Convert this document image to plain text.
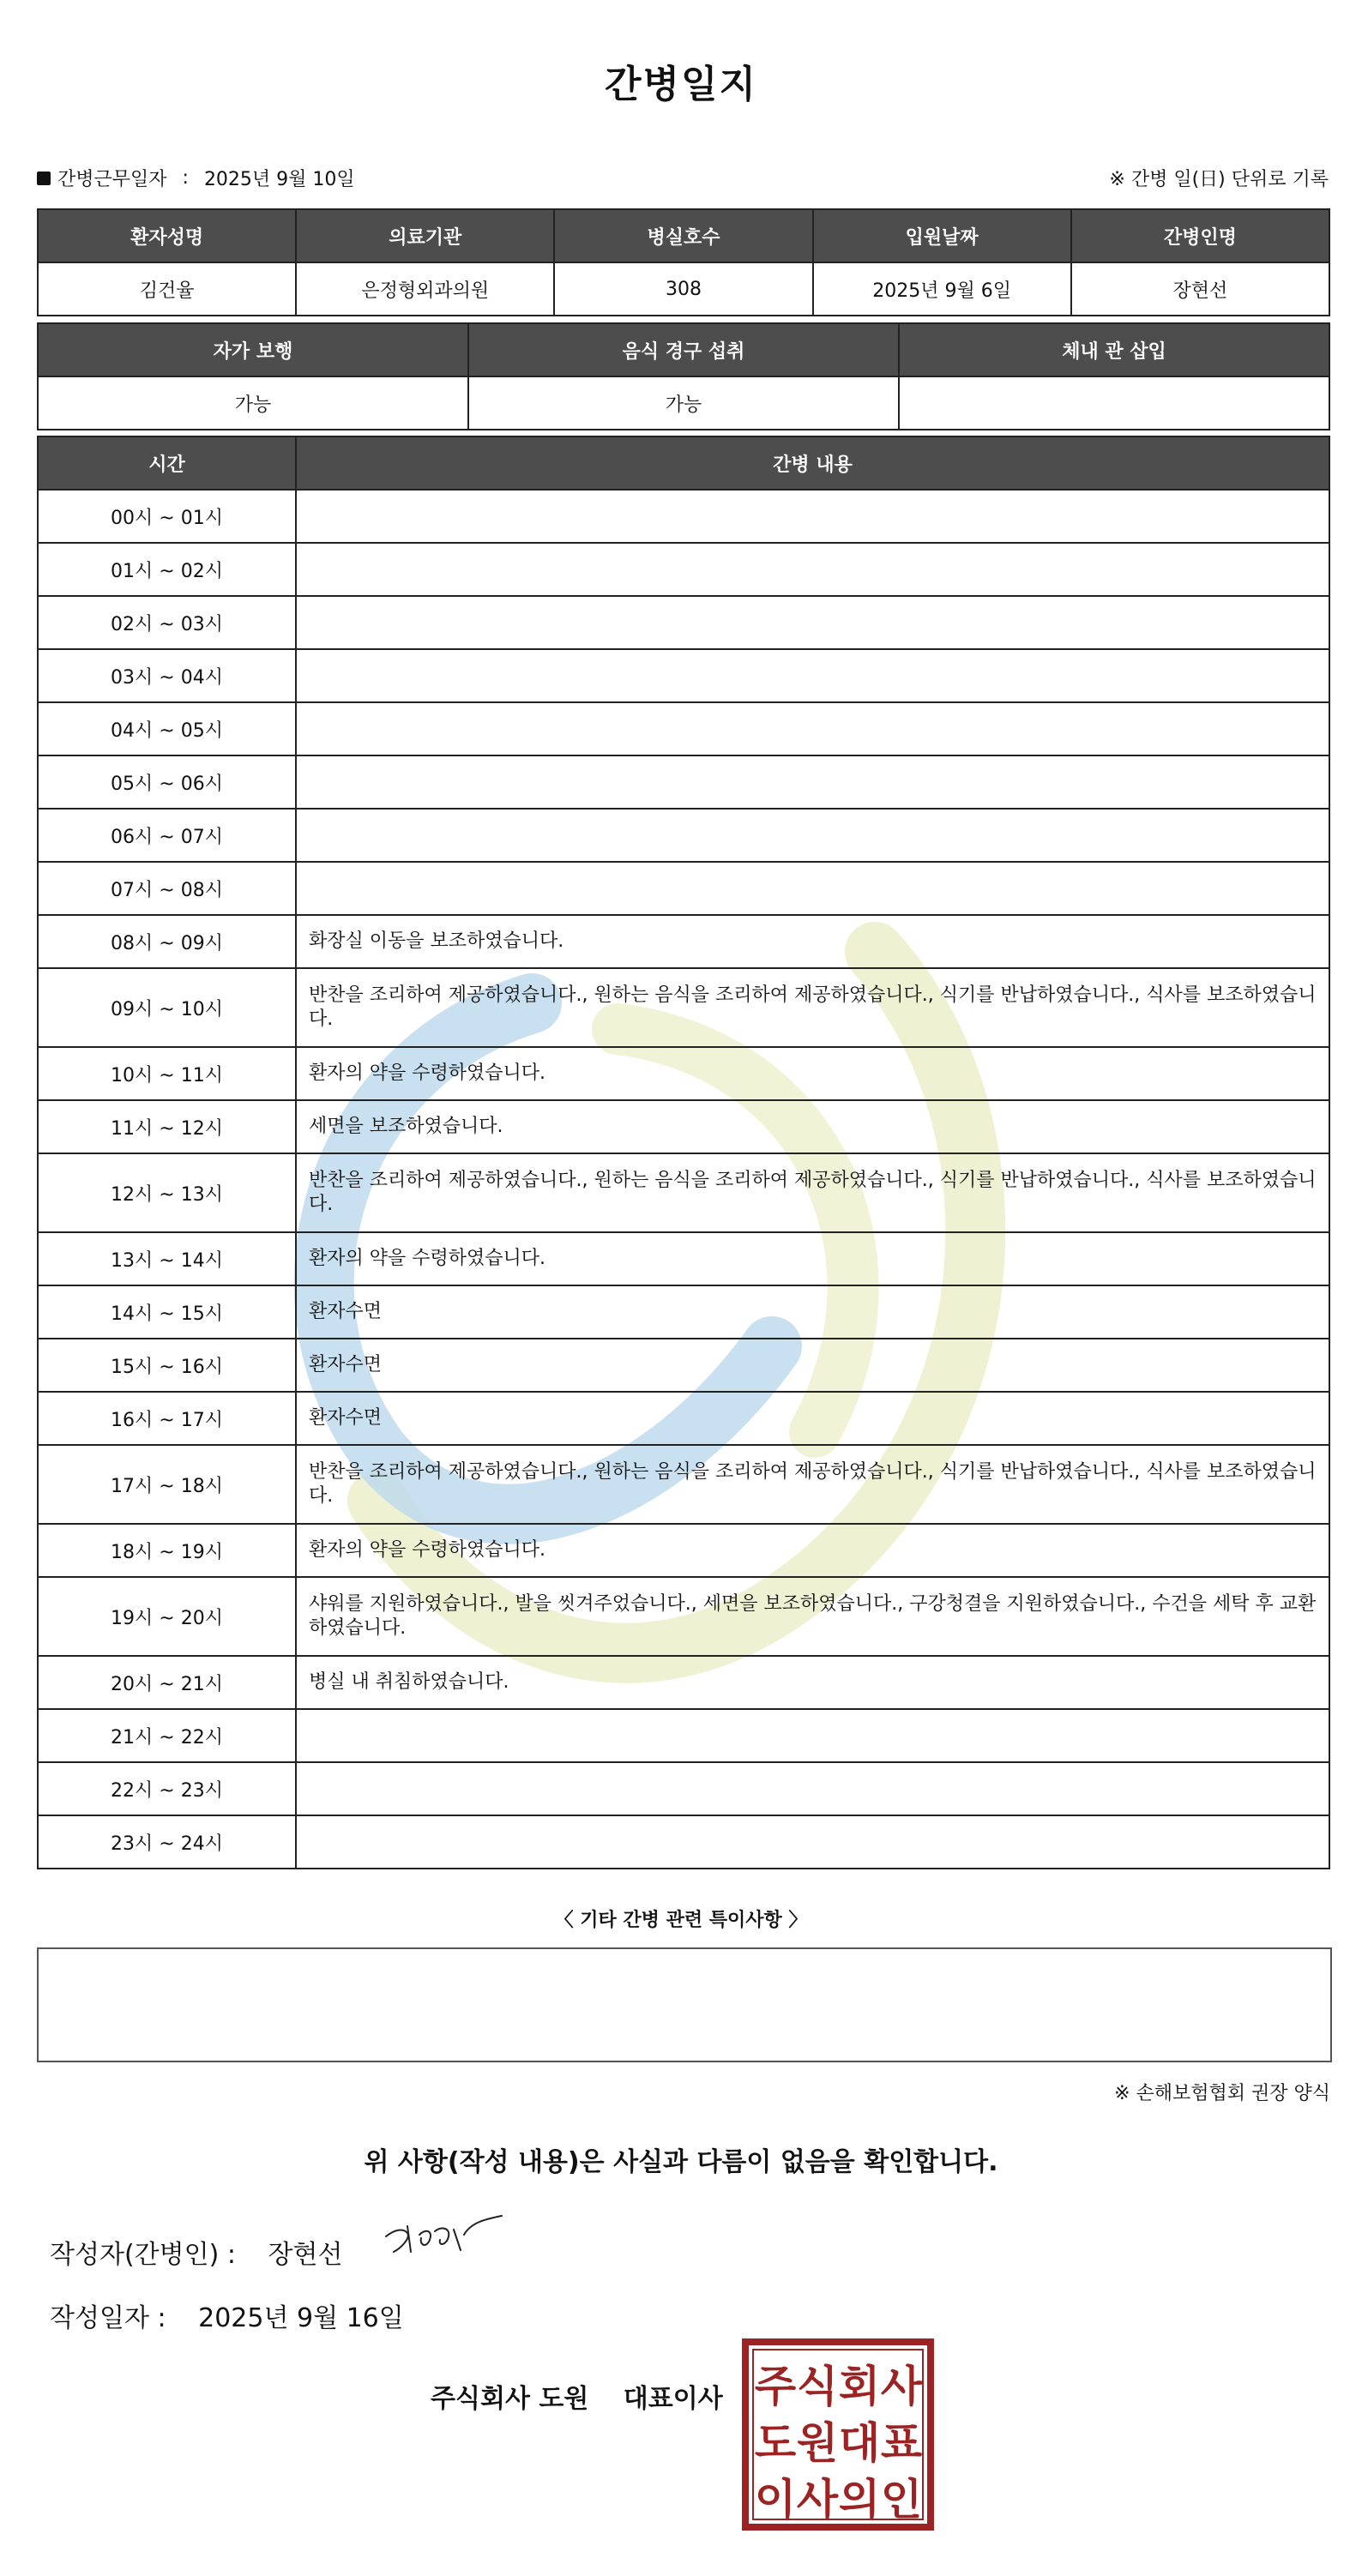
간병일지
간병근무일자 : 2025년 9월 10일	※ 간병 일(日) 단위로 기록
환자성명	의료기관	병실호수	입원날짜	간병인명
김건율	은정형외과의원	308	2025년 9월 6일	장현선
자가 보행	음식 경구 섭취	체내 관 삽입
가능	가능	
시간	간병 내용
00시 ~ 01시	
01시 ~ 02시	
02시 ~ 03시	
03시 ~ 04시	
04시 ~ 05시	
05시 ~ 06시	
06시 ~ 07시	
07시 ~ 08시	
08시 ~ 09시	화장실 이동을 보조하였습니다.
09시 ~ 10시	반찬을 조리하여 제공하였습니다., 원하는 음식을 조리하여 제공하였습니다., 식기를 반납하였습니다., 식사를 보조하였습니다.
10시 ~ 11시	환자의 약을 수령하였습니다.
11시 ~ 12시	세면을 보조하였습니다.
12시 ~ 13시	반찬을 조리하여 제공하였습니다., 원하는 음식을 조리하여 제공하였습니다., 식기를 반납하였습니다., 식사를 보조하였습니다.
13시 ~ 14시	환자의 약을 수령하였습니다.
14시 ~ 15시	환자수면
15시 ~ 16시	환자수면
16시 ~ 17시	환자수면
17시 ~ 18시	반찬을 조리하여 제공하였습니다., 원하는 음식을 조리하여 제공하였습니다., 식기를 반납하였습니다., 식사를 보조하였습니다.
18시 ~ 19시	환자의 약을 수령하였습니다.
19시 ~ 20시	샤워를 지원하였습니다., 발을 씻겨주었습니다., 세면을 보조하였습니다., 구강청결을 지원하였습니다., 수건을 세탁 후 교환하였습니다.
20시 ~ 21시	병실 내 취침하였습니다.
21시 ~ 22시	
22시 ~ 23시	
23시 ~ 24시	
〈 기타 간병 관련 특이사항 〉
※ 손해보험협회 권장 양식
위 사항(작성 내용)은 사실과 다름이 없음을 확인합니다.
작성자(간병인) : 장현선
작성일자 : 2025년 9월 16일
주식회사 도원 대표이사 주 식 회 사
도 원 대 표
이 사 의 인
